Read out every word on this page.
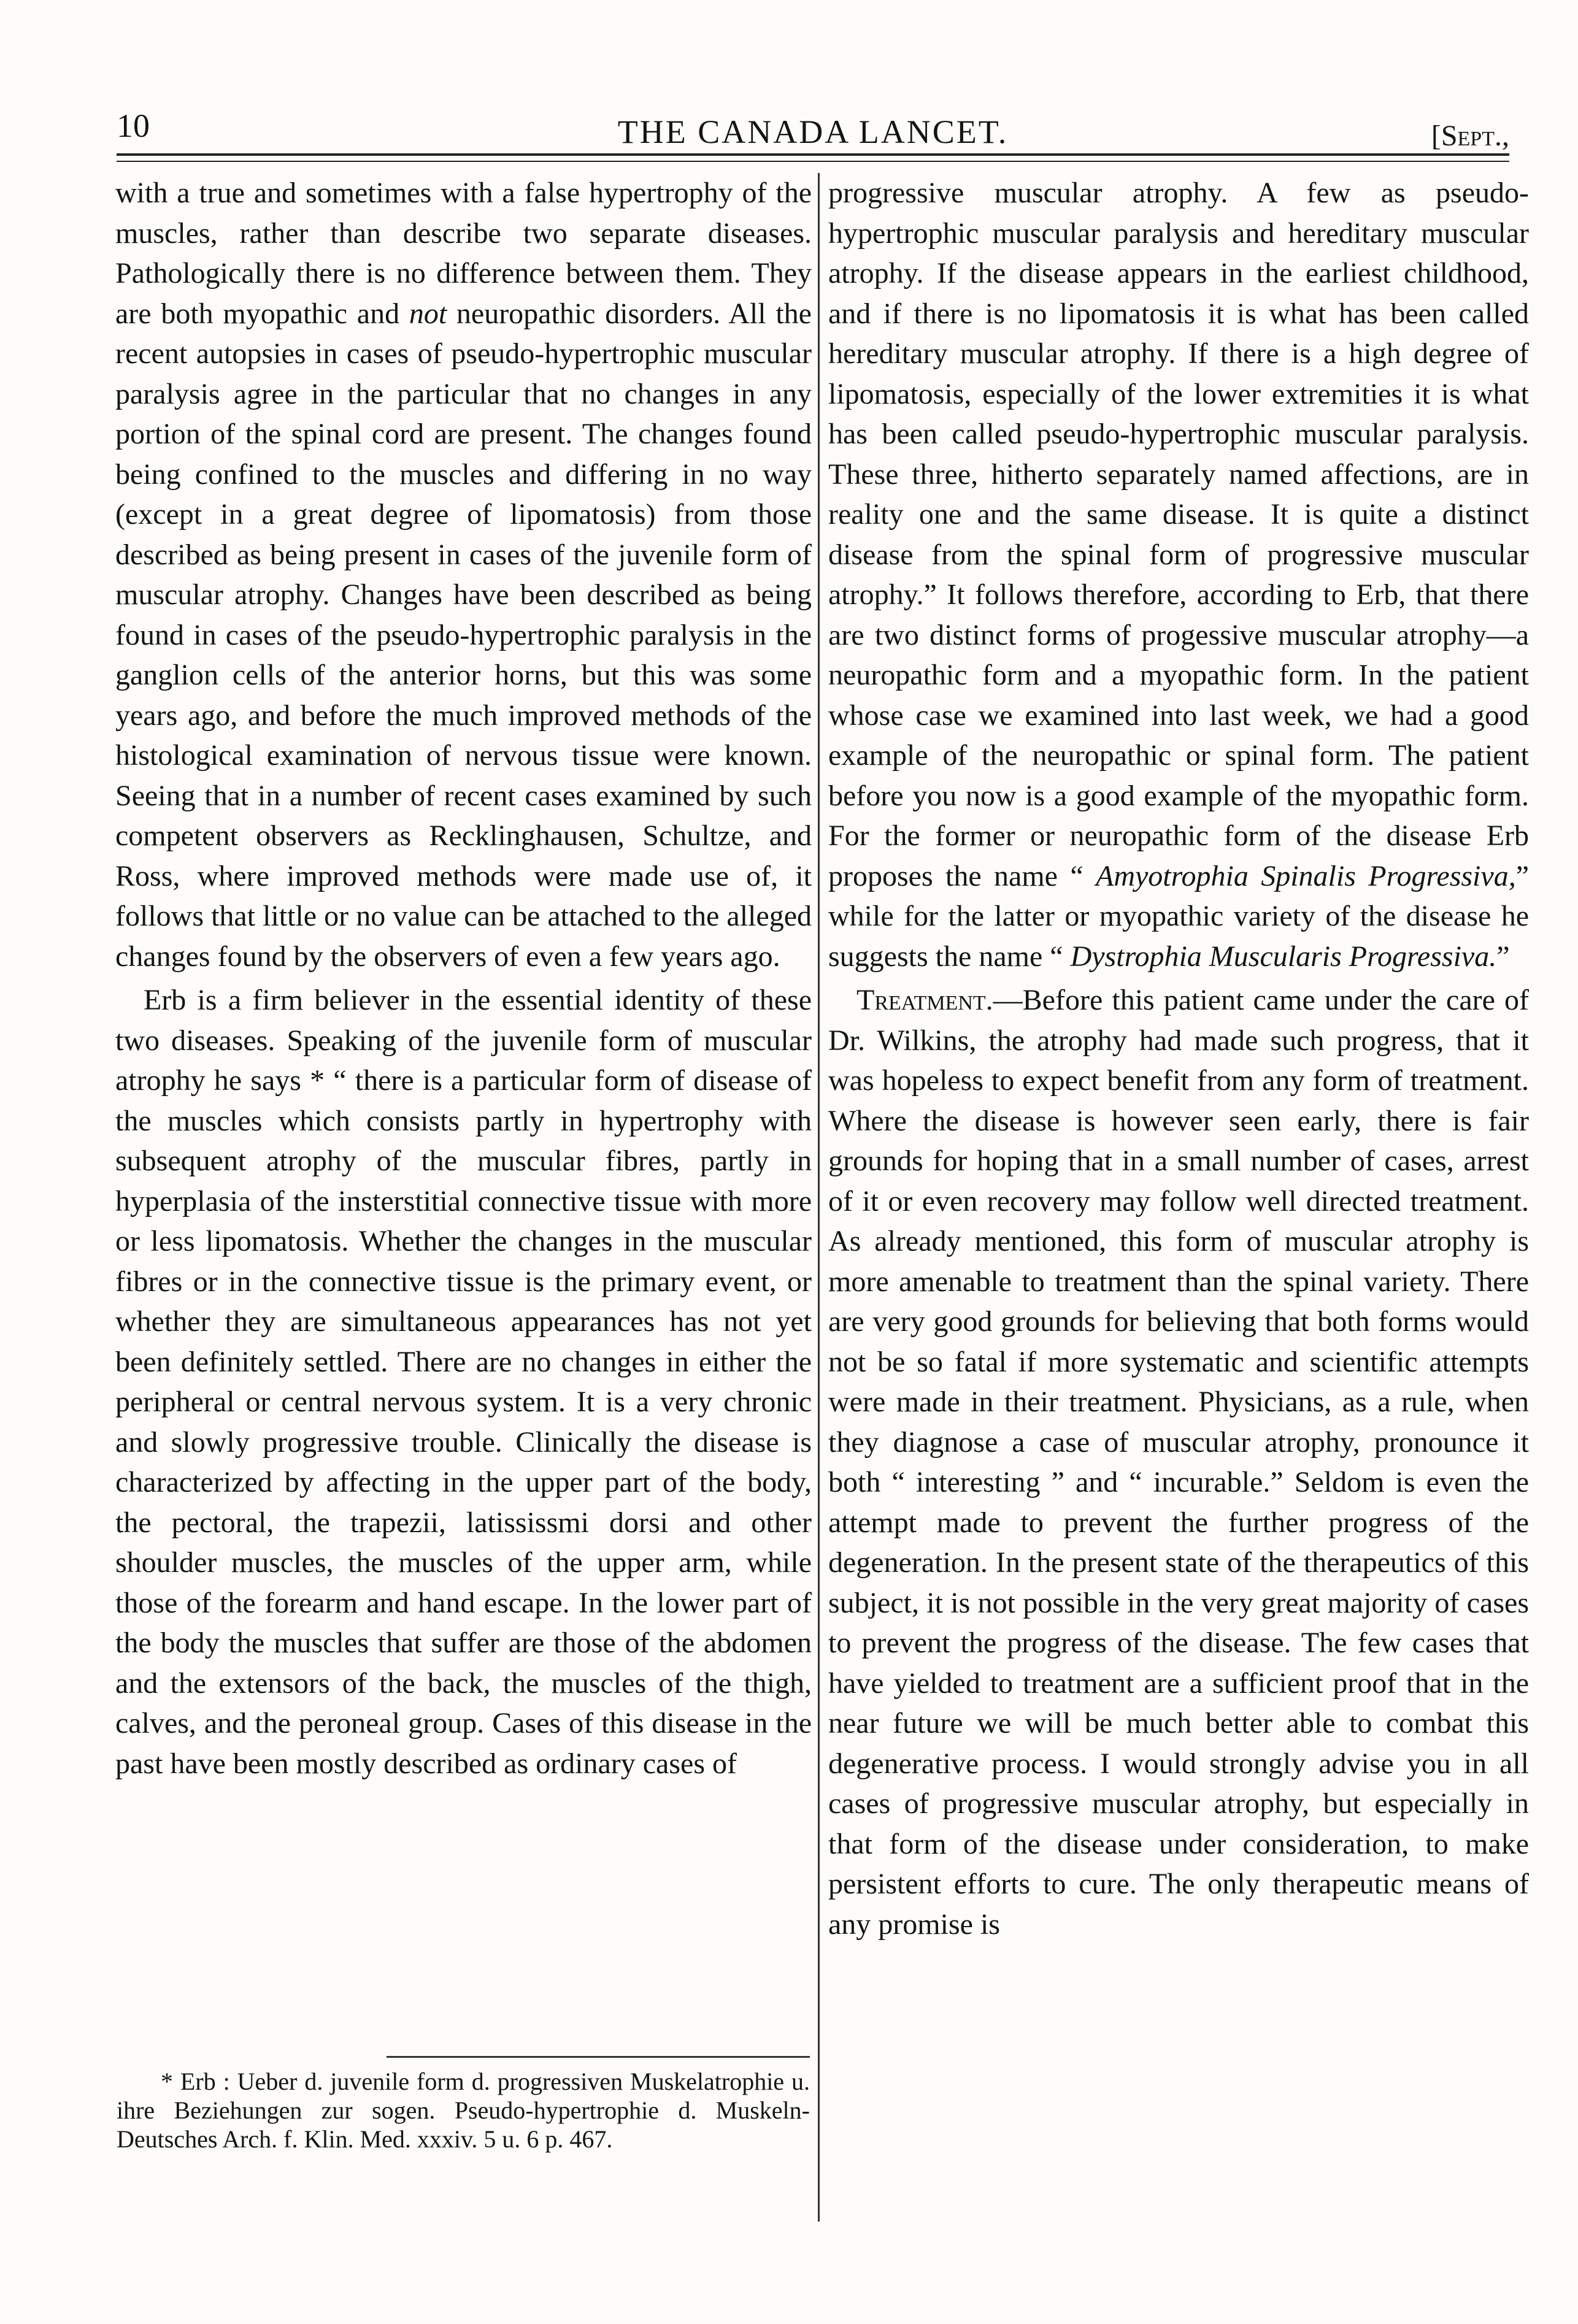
10	THE CANADA LANCET.	[Sept.,

with a true and sometimes with a false hypertrophy of the muscles, rather than describe two separate diseases. Pathologically there is no difference between them. They are both myopathic and not neuropathic disorders. All the recent autopsies in cases of pseudo-hypertrophic muscular paralysis agree in the particular that no changes in any portion of the spinal cord are present. The changes found being confined to the muscles and differing in no way (except in a great degree of lipomatosis) from those described as being present in cases of the juvenile form of muscular atrophy. Changes have been described as being found in cases of the pseudo-hypertrophic paralysis in the ganglion cells of the anterior horns, but this was some years ago, and before the much improved methods of the histological examination of nervous tissue were known. Seeing that in a number of recent cases examined by such competent observers as Recklinghausen, Schultze, and Ross, where improved methods were made use of, it follows that little or no value can be attached to the alleged changes found by the observers of even a few years ago.

Erb is a firm believer in the essential identity of these two diseases. Speaking of the juvenile form of muscular atrophy he says * “ there is a particular form of disease of the muscles which consists partly in hypertrophy with subsequent atrophy of the muscular fibres, partly in hyperplasia of the insterstitial connective tissue with more or less lipomatosis. Whether the changes in the muscular fibres or in the connective tissue is the primary event, or whether they are simultaneous appearances has not yet been definitely settled. There are no changes in either the peripheral or central nervous system. It is a very chronic and slowly progressive trouble. Clinically the disease is characterized by affecting in the upper part of the body, the pectoral, the trapezii, latississmi dorsi and other shoulder muscles, the muscles of the upper arm, while those of the forearm and hand escape. In the lower part of the body the muscles that suffer are those of the abdomen and the extensors of the back, the muscles of the thigh, calves, and the peroneal group. Cases of this disease in the past have been mostly described as ordinary cases of

progressive muscular atrophy. A few as pseudo-hypertrophic muscular paralysis and hereditary muscular atrophy. If the disease appears in the earliest childhood, and if there is no lipomatosis it is what has been called hereditary muscular atrophy. If there is a high degree of lipomatosis, especially of the lower extremities it is what has been called pseudo-hypertrophic muscular paralysis. These three, hitherto separately named affections, are in reality one and the same disease. It is quite a distinct disease from the spinal form of progressive muscular atrophy.” It follows therefore, according to Erb, that there are two distinct forms of progessive muscular atrophy—a neuropathic form and a myopathic form. In the patient whose case we examined into last week, we had a good example of the neuropathic or spinal form. The patient before you now is a good example of the myopathic form. For the former or neuropathic form of the disease Erb proposes the name “ Amyotrophia Spinalis Progressiva,” while for the latter or myopathic variety of the disease he suggests the name “ Dystrophia Muscularis Progressiva.”

Treatment.—Before this patient came under the care of Dr. Wilkins, the atrophy had made such progress, that it was hopeless to expect benefit from any form of treatment. Where the disease is however seen early, there is fair grounds for hoping that in a small number of cases, arrest of it or even recovery may follow well directed treatment. As already mentioned, this form of muscular atrophy is more amenable to treatment than the spinal variety. There are very good grounds for believing that both forms would not be so fatal if more systematic and scientific attempts were made in their treatment. Physicians, as a rule, when they diagnose a case of muscular atrophy, pronounce it both “ interesting ” and “ incurable.” Seldom is even the attempt made to prevent the further progress of the degeneration. In the present state of the therapeutics of this subject, it is not possible in the very great majority of cases to prevent the progress of the disease. The few cases that have yielded to treatment are a sufficient proof that in the near future we will be much better able to combat this degenerative process. I would strongly advise you in all cases of progressive muscular atrophy, but especially in that form of the disease under consideration, to make persistent efforts to cure. The only therapeutic means of any promise is

* Erb : Ueber d. juvenile form d. progressiven Muskelatrophie u. ihre Beziehungen zur sogen. Pseudo-hypertrophie d. Muskeln-Deutsches Arch. f. Klin. Med. xxxiv. 5 u. 6 p. 467.
